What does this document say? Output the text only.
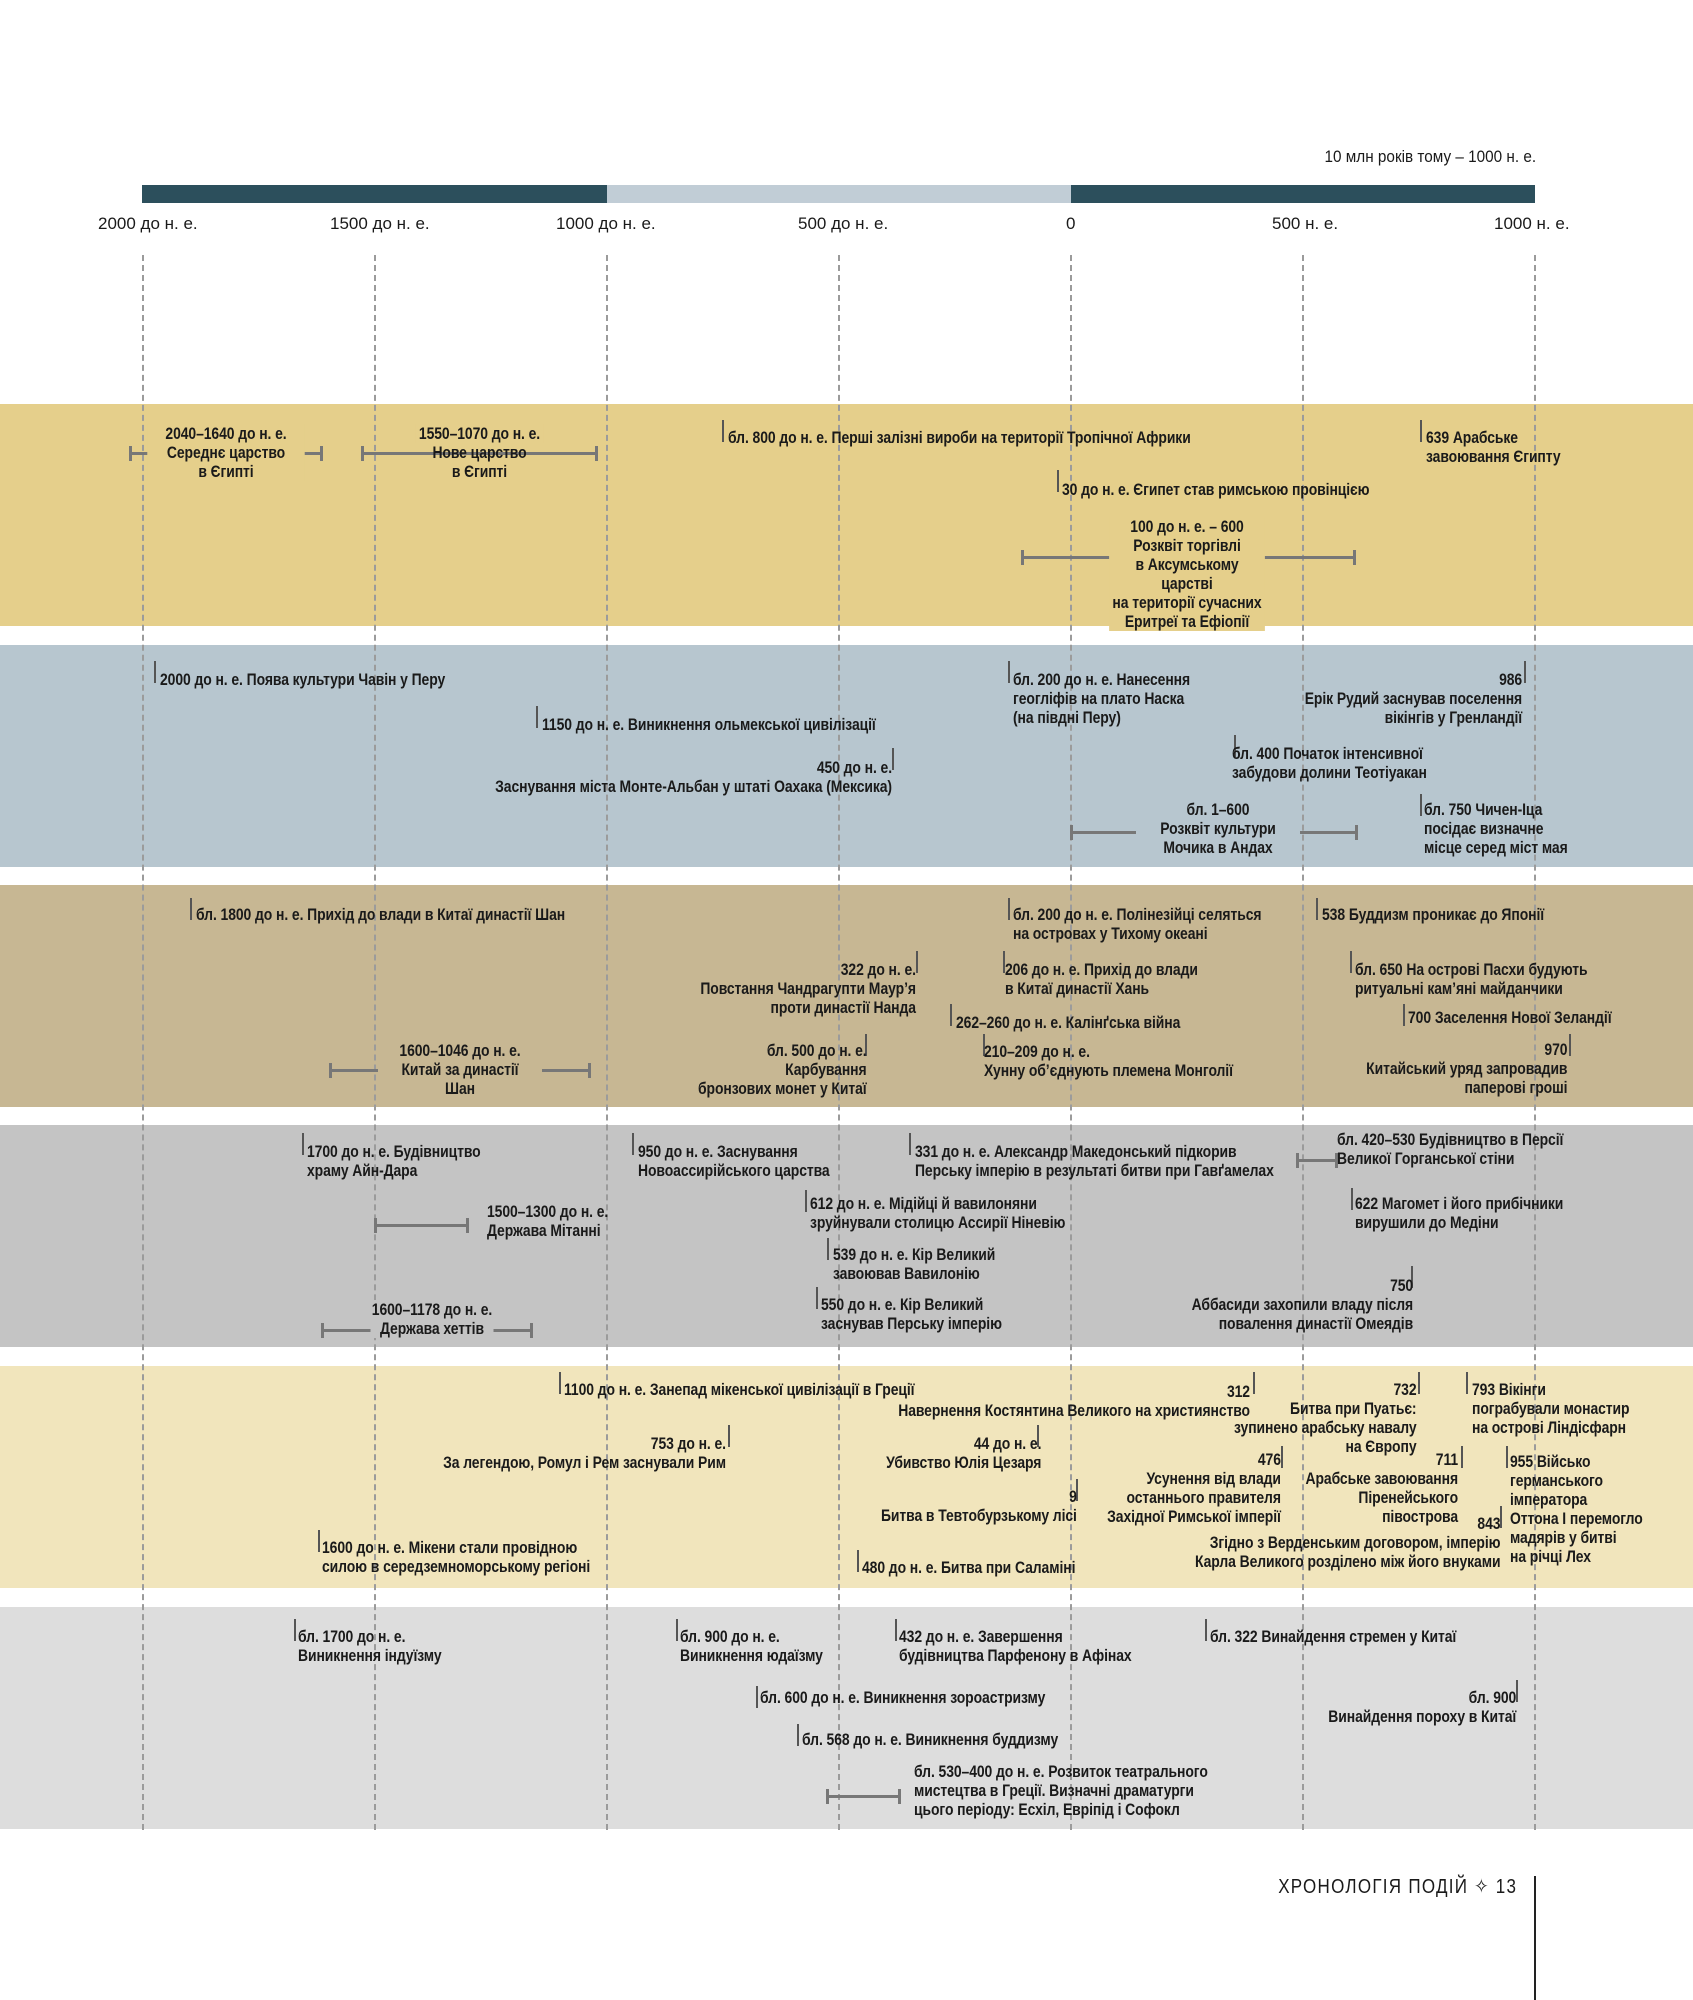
10 млн років тому – 1000 н. е.
2000 до н. е.	1500 до н. е.	1000 до н. е.	500 до н. е.	0	500 н. е.	1000 н. е.
2040–1640 до н. е.
Середнє царство
в Єгипті
1550–1070 до н. е.
Нове царство
в Єгипті
бл. 800 до н. е. Перші залізні вироби на території Тропічної Африки	639 Арабське
завоювання Єгипту
30 до н. е. Єгипет став римською провінцією
100 до н. е. – 600
Розквіт торгівлі
в Аксумському царстві
на території сучасних
Еритреї та Ефіопії
2000 до н. е. Поява культури Чавін у Перу	бл. 200 до н. е. Нанесення
геогліфів на плато Наска
(на півдні Перу)
986
Ерік Рудий заснував поселення
вікінгів у Гренландії
1150 до н. е. Виникнення ольмекської цивілізації
бл. 400 Початок інтенсивної
забудови долини Теотіуакан
450 до н. е.
Заснування міста Монте-Альбан у штаті Оахака (Мексика)
бл. 1–600
Розквіт культури
Мочика в Андах
бл. 750 Чичен-Іца
посідає визначне
місце серед міст мая
бл. 1800 до н. е. Прихід до влади в Китаї династії Шан	бл. 200 до н. е. Полінезійці селяться
на островах у Тихому океані
538 Буддизм проникає до Японії
322 до н. е.
Повстання Чандрагупти Маур’я
проти династії Нанда
206 до н. е. Прихід до влади
в Китаї династії Хань
бл. 650 На острові Пасхи будують
ритуальні кам’яні майданчики
262–260 до н. е. Калінґська війна	700 Заселення Нової Зеландії
1600–1046 до н. е.
Китай за династії
Шан
бл. 500 до н. е.
Карбування
бронзових монет у Китаї
210–209 до н. е.
Хунну об’єднують племена Монголії
970
Китайський уряд запровадив
паперові гроші
1700 до н. е. Будівництво
храму Айн-Дара
950 до н. е. Заснування
Новоассирійського царства
331 до н. е. Александр Македонський підкорив
Перську імперію в результаті битви при Гавґамелах
бл. 420–530 Будівництво в Персії
Великої Горганської стіни
1500–1300 до н. е.
Держава Мітанні
612 до н. е. Мідійці й вавилоняни
зруйнували столицю Ассирії Ніневію
622 Магомет і його прибічники
вирушили до Медіни
539 до н. е. Кір Великий
завоював Вавилонію
750
Аббасиди захопили владу після
повалення династії Омеядів
550 до н. е. Кір Великий
заснував Перську імперію
1600–1178 до н. е.
Держава хеттів
1100 до н. е. Занепад мікенської цивілізації в Греції	312
Навернення Костянтина Великого на християнство
732
Битва при Пуатьє:
зупинено арабську навалу
на Європу
793 Вікінги
пограбували монастир
на острові Ліндісфарн
753 до н. е.
За легендою, Ромул і Рем заснували Рим
44 до н. е.
Убивство Юлія Цезаря	476
Усунення від влади
останнього правителя
Західної Римської імперії
711
Арабське завоювання
Піренейського
півострова
955 Військо
германського
імператора
Оттона I перемогло
мадярів у битві
на річці Лех
9
Битва в Тевтобурзькому лісі	843
Згідно з Верденським договором, імперію
Карла Великого розділено між його внуками
1600 до н. е. Мікени стали провідною
силою в середземноморському регіоні	480 до н. е. Битва при Саламіні
бл. 1700 до н. е.
Виникнення індуїзму
бл. 900 до н. е.
Виникнення юдаїзму
432 до н. е. Завершення
будівництва Парфенону в Афінах
бл. 322 Винайдення стремен у Китаї
бл. 900
Винайдення пороху в Китаї
бл. 600 до н. е. Виникнення зороастризму
бл. 568 до н. е. Виникнення буддизму
бл. 530–400 до н. е. Розвиток театрального
мистецтва в Греції. Визначні драматурги
цього періоду: Есхіл, Евріпід і Софокл
ХРОНОЛОГІЯ ПОДІЙ ✧ 13
